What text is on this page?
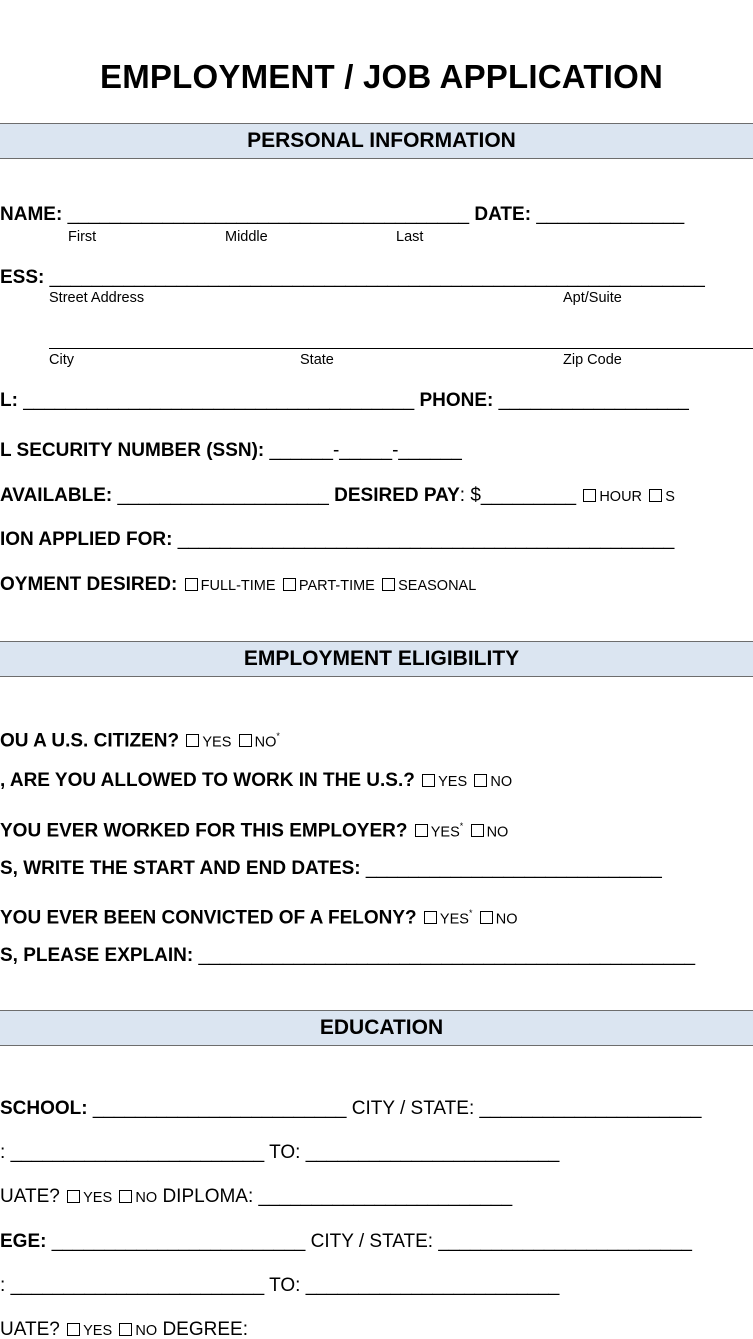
EMPLOYMENT / JOB APPLICATION
PERSONAL INFORMATION
NAME: ______________________________________ DATE: ______________
First	Middle	Last
ESS: ______________________________________________________________
Street Address	Apt/Suite
City	State	Zip Code
L: _____________________________________ PHONE: __________________
L SECURITY NUMBER (SSN): ______-_____-______
AVAILABLE: ____________________ DESIRED PAY: $_________ HOUR S
ION APPLIED FOR: _______________________________________________
OYMENT DESIRED: FULL-TIME PART-TIME SEASONAL
EMPLOYMENT ELIGIBILITY
OU A U.S. CITIZEN? YES NO*
, ARE YOU ALLOWED TO WORK IN THE U.S.? YES NO
YOU EVER WORKED FOR THIS EMPLOYER? YES* NO
S, WRITE THE START AND END DATES: ____________________________
YOU EVER BEEN CONVICTED OF A FELONY? YES* NO
S, PLEASE EXPLAIN: _______________________________________________
EDUCATION
SCHOOL: ________________________ CITY / STATE: _____________________
: ________________________ TO: ________________________
UATE? YES NO DIPLOMA: ________________________
EGE: ________________________ CITY / STATE: ________________________
: ________________________ TO: ________________________
UATE? YES NO DEGREE:
